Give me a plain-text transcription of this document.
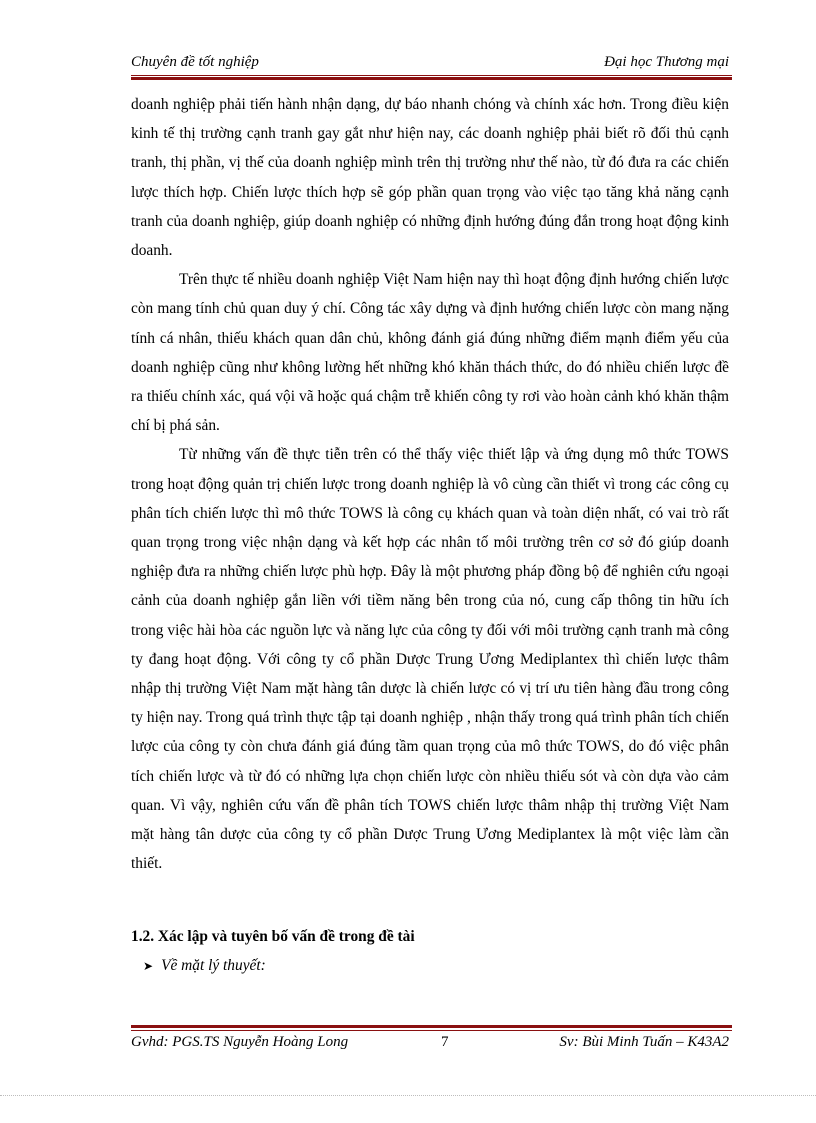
Chuyên đề tốt nghiệp	Đại học Thương mại

doanh nghiệp phải tiến hành nhận dạng, dự báo nhanh chóng và chính xác hơn. Trong điều kiện kinh tế thị trường cạnh tranh gay gắt như hiện nay, các doanh nghiệp phải biết rõ đối thủ cạnh tranh, thị phần, vị thế của doanh nghiệp mình trên thị trường như thế nào, từ đó đưa ra các chiến lược thích hợp. Chiến lược thích hợp sẽ góp phần quan trọng vào việc tạo tăng khả năng cạnh tranh của doanh nghiệp, giúp doanh nghiệp có những định hướng đúng đắn trong hoạt động kinh doanh.

Trên thực tế nhiều doanh nghiệp Việt Nam hiện nay thì hoạt động định hướng chiến lược còn mang tính chủ quan duy ý chí. Công tác xây dựng và định hướng chiến lược còn mang nặng tính cá nhân, thiếu khách quan dân chủ, không đánh giá đúng những điểm mạnh điểm yếu của doanh nghiệp cũng như không lường hết những khó khăn thách thức, do đó nhiều chiến lược đề ra thiếu chính xác, quá vội vã hoặc quá chậm trễ khiến công ty rơi vào hoàn cảnh khó khăn thậm chí bị phá sản.

Từ những vấn đề thực tiễn trên có thể thấy việc thiết lập và ứng dụng mô thức TOWS trong hoạt động quản trị chiến lược trong doanh nghiệp là vô cùng cần thiết vì trong các công cụ phân tích chiến lược thì mô thức TOWS là công cụ khách quan và toàn diện nhất, có vai trò rất quan trọng trong việc nhận dạng và kết hợp các nhân tố môi trường trên cơ sở đó giúp doanh nghiệp đưa ra những chiến lược phù hợp. Đây là một phương pháp đồng bộ để nghiên cứu ngoại cảnh của doanh nghiệp gắn liền với tiềm năng bên trong của nó, cung cấp thông tin hữu ích trong việc hài hòa các nguồn lực và năng lực của công ty đối với môi trường cạnh tranh mà công ty đang hoạt động. Với công ty cổ phần Dược Trung Ương Mediplantex thì chiến lược thâm nhập thị trường Việt Nam mặt hàng tân dược là chiến lược có vị trí ưu tiên hàng đầu trong công ty hiện nay. Trong quá trình thực tập tại doanh nghiệp , nhận thấy trong quá trình phân tích chiến lược của công ty còn chưa đánh giá đúng tầm quan trọng của mô thức TOWS, do đó việc phân tích chiến lược và từ đó có những lựa chọn chiến lược còn nhiều thiếu sót và còn dựa vào cảm quan. Vì vậy, nghiên cứu vấn đề phân tích TOWS chiến lược thâm nhập thị trường Việt Nam mặt hàng tân dược của công ty cổ phần Dược Trung Ương Mediplantex là một việc làm cần thiết.

1.2. Xác lập và tuyên bố vấn đề trong đề tài
➤ Về mặt lý thuyết:
Gvhd: PGS.TS Nguyễn Hoàng Long	7	Sv: Bùi Minh Tuấn – K43A2
